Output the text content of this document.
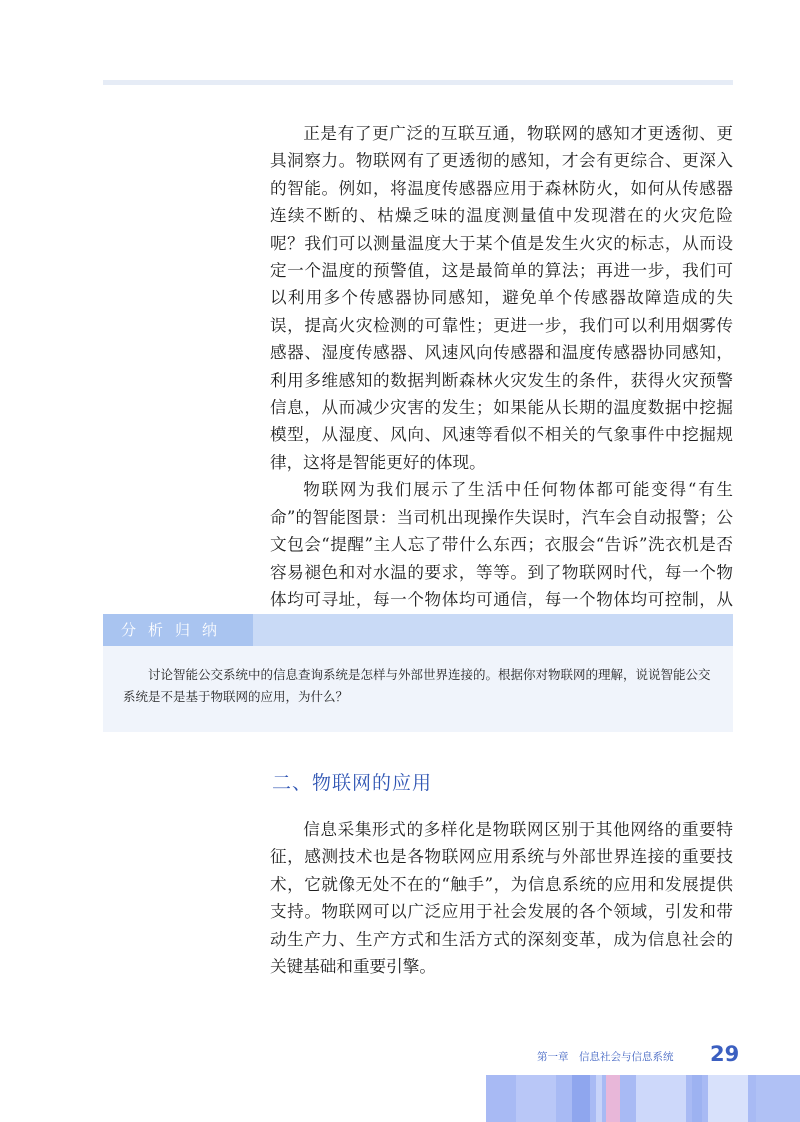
正是有了更广泛的互联互通，物联网的感知才更透彻、更具洞察力。物联网有了更透彻的感知，才会有更综合、更深入的智能。例如，将温度传感器应用于森林防火，如何从传感器连续不断的、枯燥乏味的温度测量值中发现潜在的火灾危险呢？我们可以测量温度大于某个值是发生火灾的标志，从而设定一个温度的预警值，这是最简单的算法；再进一步，我们可以利用多个传感器协同感知，避免单个传感器故障造成的失误，提高火灾检测的可靠性；更进一步，我们可以利用烟雾传感器、湿度传感器、风速风向传感器和温度传感器协同感知，利用多维感知的数据判断森林火灾发生的条件，获得火灾预警信息，从而减少灾害的发生；如果能从长期的温度数据中挖掘模型，从湿度、风向、风速等看似不相关的气象事件中挖掘规律，这将是智能更好的体现。

物联网为我们展示了生活中任何物体都可能变得“有生命”的智能图景：当司机出现操作失误时，汽车会自动报警；公文包会“提醒”主人忘了带什么东西；衣服会“告诉”洗衣机是否容易褪色和对水温的要求，等等。到了物联网时代，每一个物体均可寻址，每一个物体均可通信，每一个物体均可控制，从

分析归纳
讨论智能公交系统中的信息查询系统是怎样与外部世界连接的。根据你对物联网的理解，说说智能公交系统是不是基于物联网的应用，为什么？
二、物联网的应用

信息采集形式的多样化是物联网区别于其他网络的重要特征，感测技术也是各物联网应用系统与外部世界连接的重要技术，它就像无处不在的“触手”，为信息系统的应用和发展提供支持。物联网可以广泛应用于社会发展的各个领域，引发和带动生产力、生产方式和生活方式的深刻变革，成为信息社会的关键基础和重要引擎。

第一章　信息社会与信息系统 29
